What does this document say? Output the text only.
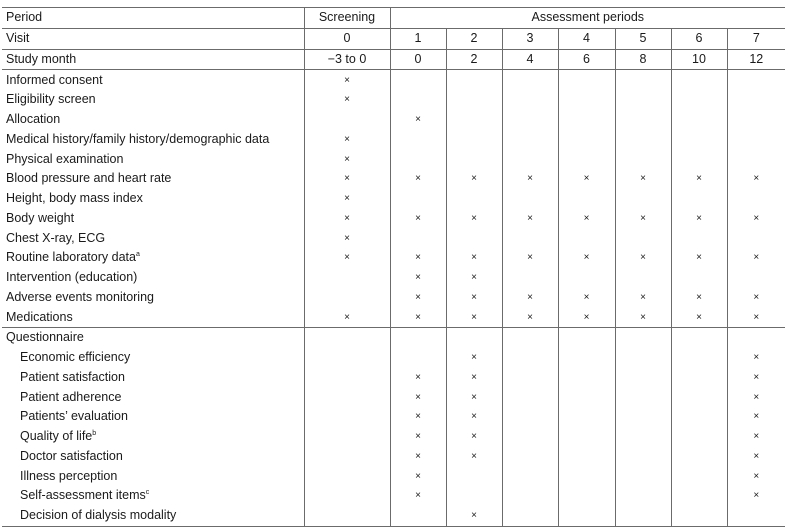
Period	Screening	Assessment periods						
Visit	0	1	2	3	4	5	6	7
Study month	−3 to 0	0	2	4	6	8	10	12
Informed consent	×							
Eligibility screen	×							
Allocation		×						
Medical history/family history/demographic data	×							
Physical examination	×							
Blood pressure and heart rate	×	×	×	×	×	×	×	×
Height, body mass index	×							
Body weight	×	×	×	×	×	×	×	×
Chest X-ray, ECG	×							
Routine laboratory data$^a$	×	×	×	×	×	×	×	×
Intervention (education)		×	×					
Adverse events monitoring		×	×	×	×	×	×	×
Medications	×	×	×	×	×	×	×	×
Questionnaire								
Economic efficiency			×					×
Patient satisfaction		×	×					×
Patient adherence		×	×					×
Patients’ evaluation		×	×					×
Quality of life$^b$		×	×					×
Doctor satisfaction		×	×					×
Illness perception		×						×
Self-assessment items$^c$		×						×
Decision of dialysis modality			×					
